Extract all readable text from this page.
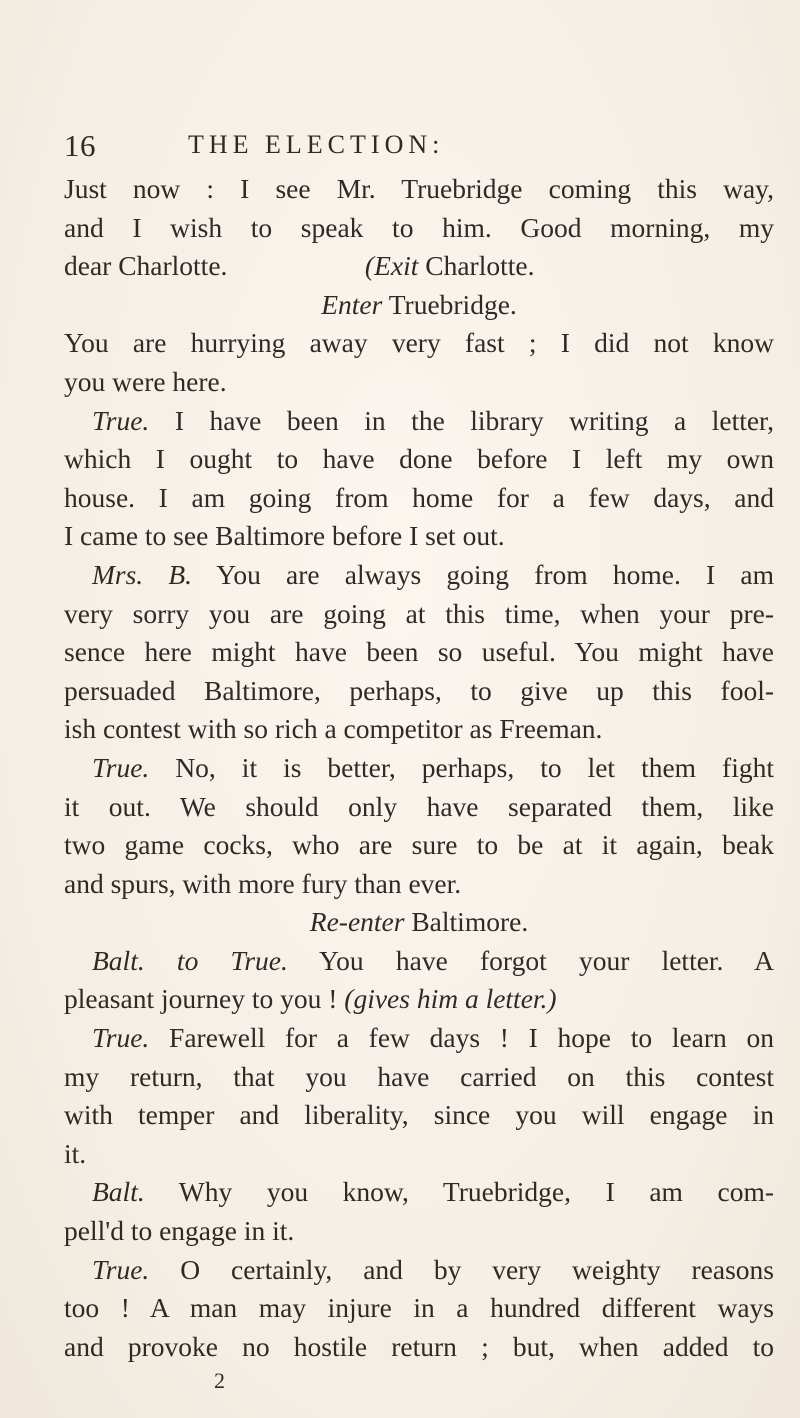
16	THE ELECTION:
Just now : I see Mr. Truebridge coming this way,
and I wish to speak to him. Good morning, my
dear Charlotte.                    (Exit Charlotte.
Enter Truebridge.
You are hurrying away very fast ; I did not know
you were here.
True. I have been in the library writing a letter,
which I ought to have done before I left my own
house. I am going from home for a few days, and
I came to see Baltimore before I set out.
Mrs. B. You are always going from home. I am
very sorry you are going at this time, when your pre-
sence here might have been so useful. You might have
persuaded Baltimore, perhaps, to give up this fool-
ish contest with so rich a competitor as Freeman.
True. No, it is better, perhaps, to let them fight
it out. We should only have separated them, like
two game cocks, who are sure to be at it again, beak
and spurs, with more fury than ever.
Re-enter Baltimore.
Balt. to True. You have forgot your letter. A
pleasant journey to you ! (gives him a letter.)
True. Farewell for a few days ! I hope to learn on
my return, that you have carried on this contest
with temper and liberality, since you will engage in
it.
Balt. Why you know, Truebridge, I am com-
pell'd to engage in it.
True. O certainly, and by very weighty reasons
too ! A man may injure in a hundred different ways
and provoke no hostile return ; but, when added to
2
